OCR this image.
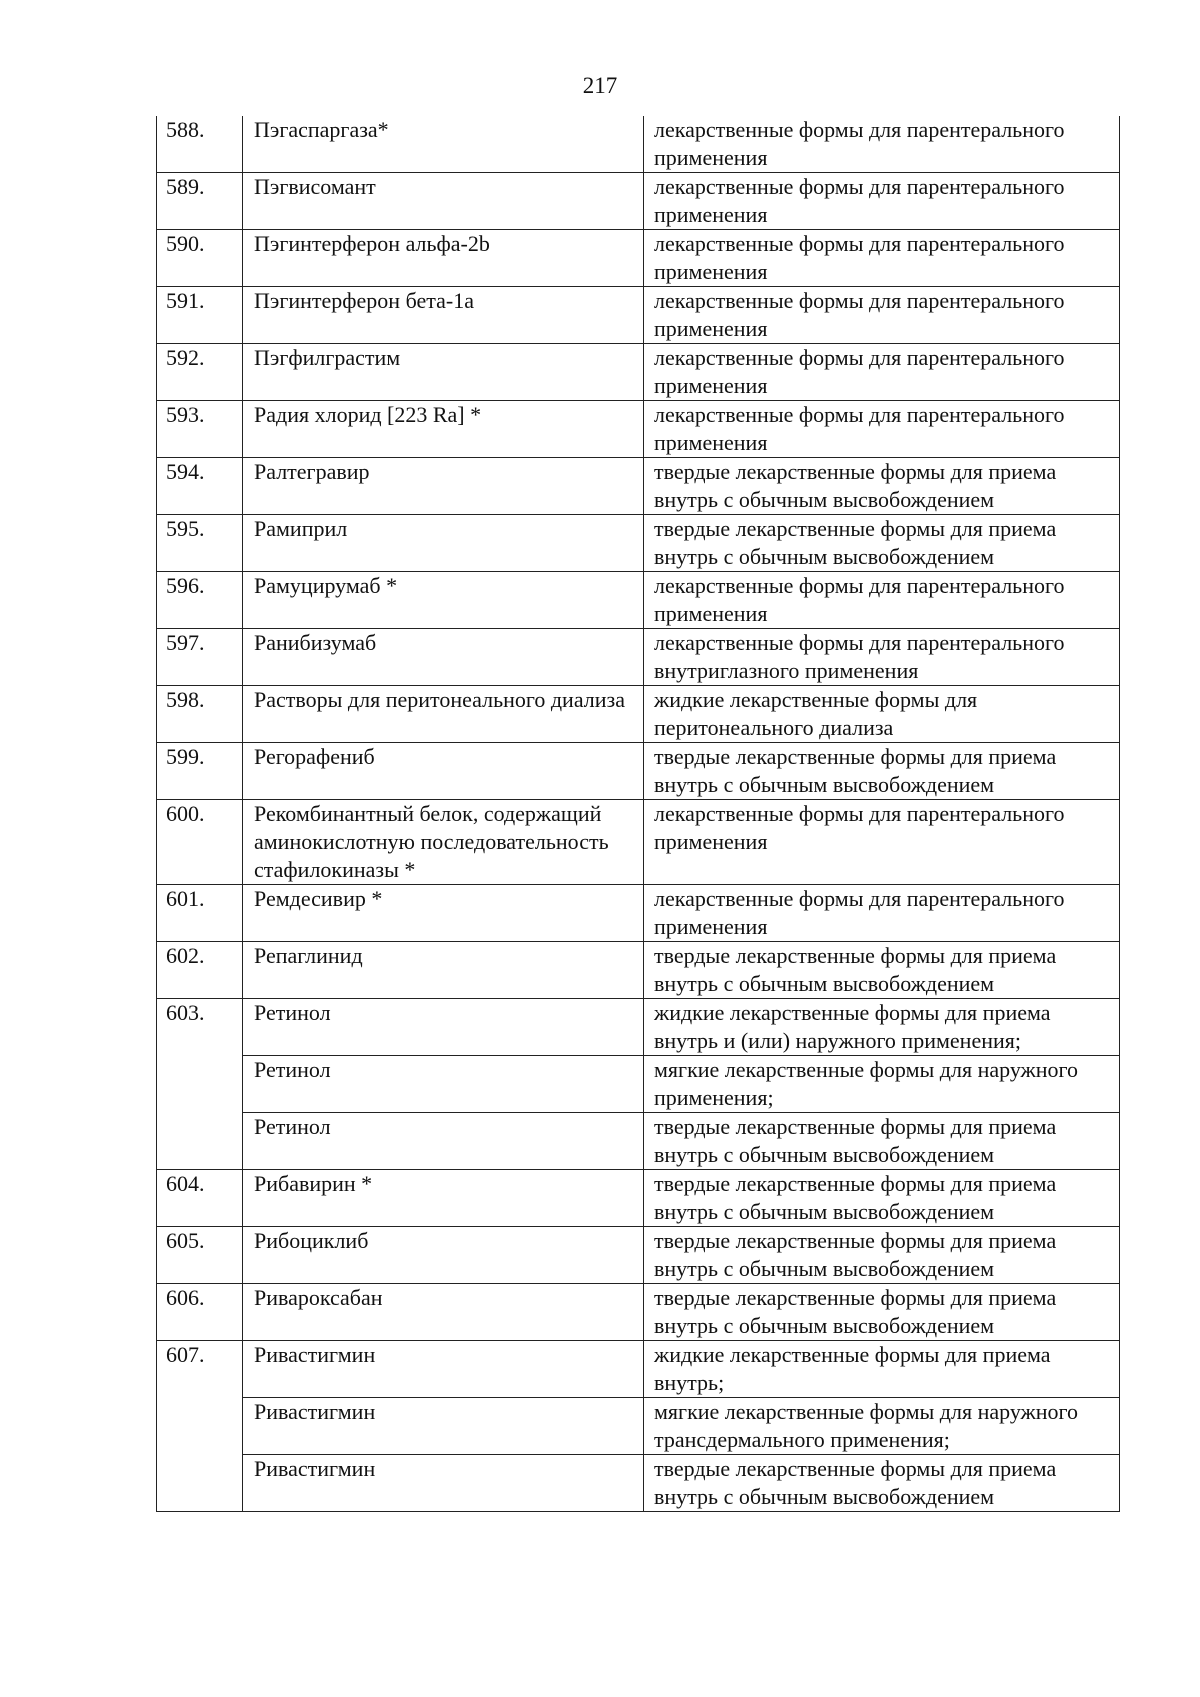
217
588.	Пэгаспаргаза*	лекарственные формы для парентерального применения
589.	Пэгвисомант	лекарственные формы для парентерального применения
590.	Пэгинтерферон альфа-2b	лекарственные формы для парентерального применения
591.	Пэгинтерферон бета-1а	лекарственные формы для парентерального применения
592.	Пэгфилграстим	лекарственные формы для парентерального применения
593.	Радия хлорид [223 Ra] *	лекарственные формы для парентерального применения
594.	Ралтегравир	твердые лекарственные формы для приема внутрь с обычным высвобождением
595.	Рамиприл	твердые лекарственные формы для приема внутрь с обычным высвобождением
596.	Рамуцирумаб *	лекарственные формы для парентерального применения
597.	Ранибизумаб	лекарственные формы для парентерального внутриглазного применения
598.	Растворы для перитонеального диализа	жидкие лекарственные формы для перитонеального диализа
599.	Регорафениб	твердые лекарственные формы для приема внутрь с обычным высвобождением
600.	Рекомбинантный белок, содержащий аминокислотную последовательность стафилокиназы *	лекарственные формы для парентерального применения
601.	Ремдесивир *	лекарственные формы для парентерального применения
602.	Репаглинид	твердые лекарственные формы для приема внутрь с обычным высвобождением
603.	Ретинол	жидкие лекарственные формы для приема внутрь и (или) наружного применения;
	Ретинол	мягкие лекарственные формы для наружного применения;
	Ретинол	твердые лекарственные формы для приема внутрь с обычным высвобождением
604.	Рибавирин *	твердые лекарственные формы для приема внутрь с обычным высвобождением
605.	Рибоциклиб	твердые лекарственные формы для приема внутрь с обычным высвобождением
606.	Ривароксабан	твердые лекарственные формы для приема внутрь с обычным высвобождением
607.	Ривастигмин	жидкие лекарственные формы для приема внутрь;
	Ривастигмин	мягкие лекарственные формы для наружного трансдермального применения;
	Ривастигмин	твердые лекарственные формы для приема внутрь с обычным высвобождением
